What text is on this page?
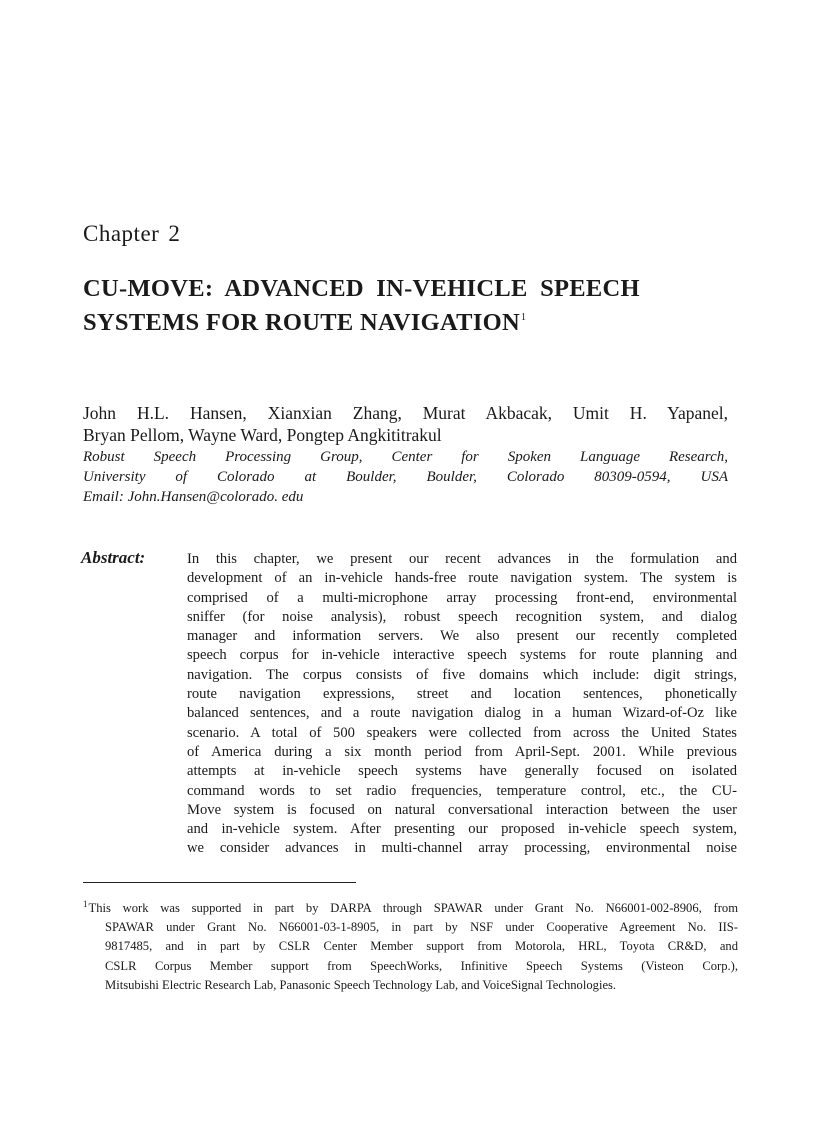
Chapter 2
CU-MOVE: ADVANCED IN-VEHICLE SPEECH
SYSTEMS FOR ROUTE NAVIGATION$^1$
John H.L. Hansen, Xianxian Zhang, Murat Akbacak, Umit H. Yapanel,
Bryan Pellom, Wayne Ward, Pongtep Angkititrakul
Robust Speech Processing Group, Center for Spoken Language Research,
University of Colorado at Boulder, Boulder, Colorado 80309-0594, USA
Email: John.Hansen@colorado. edu

Abstract:	In this chapter, we present our recent advances in the formulation and
development of an in-vehicle hands-free route navigation system. The system is
comprised of a multi-microphone array processing front-end, environmental
sniffer (for noise analysis), robust speech recognition system, and dialog
manager and information servers. We also present our recently completed
speech corpus for in-vehicle interactive speech systems for route planning and
navigation. The corpus consists of five domains which include: digit strings,
route navigation expressions, street and location sentences, phonetically
balanced sentences, and a route navigation dialog in a human Wizard-of-Oz like
scenario. A total of 500 speakers were collected from across the United States
of America during a six month period from April-Sept. 2001. While previous
attempts at in-vehicle speech systems have generally focused on isolated
command words to set radio frequencies, temperature control, etc., the CU-
Move system is focused on natural conversational interaction between the user
and in-vehicle system. After presenting our proposed in-vehicle speech system,
we consider advances in multi-channel array processing, environmental noise
$^1$This work was supported in part by DARPA through SPAWAR under Grant No. N66001-002-8906, from
SPAWAR under Grant No. N66001-03-1-8905, in part by NSF under Cooperative Agreement No. IIS-
9817485, and in part by CSLR Center Member support from Motorola, HRL, Toyota CR&D, and
CSLR Corpus Member support from SpeechWorks, Infinitive Speech Systems (Visteon Corp.),
Mitsubishi Electric Research Lab, Panasonic Speech Technology Lab, and VoiceSignal Technologies.
